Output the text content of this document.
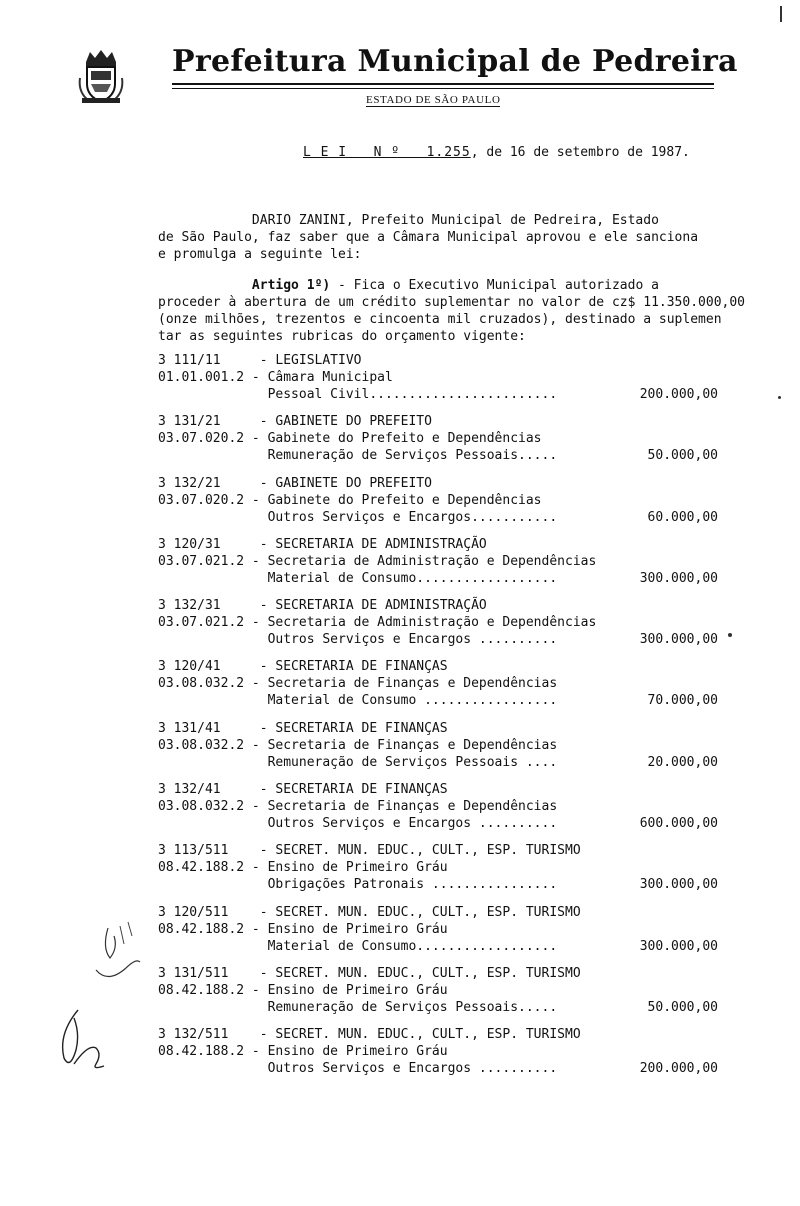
Prefeitura Municipal de Pedreira
ESTADO DE SÃO PAULO
L E I   N º   1.255, de 16 de setembro de 1987.
DARIO ZANINI, Prefeito Municipal de Pedreira, Estado
de São Paulo, faz saber que a Câmara Municipal aprovou e ele sanciona
e promulga a seguinte lei:
Artigo 1º) - Fica o Executivo Municipal autorizado a
proceder à abertura de um crédito suplementar no valor de cz$ 11.350.000,00
(onze milhões, trezentos e cincoenta mil cruzados), destinado a suplemen
tar as seguintes rubricas do orçamento vigente:
3 111/11     - LEGISLATIVO
01.01.001.2 - Câmara Municipal
Pessoal Civil........................	200.000,00
3 131/21     - GABINETE DO PREFEITO
03.07.020.2 - Gabinete do Prefeito e Dependências
Remuneração de Serviços Pessoais.....	50.000,00
3 132/21     - GABINETE DO PREFEITO
03.07.020.2 - Gabinete do Prefeito e Dependências
Outros Serviços e Encargos...........	60.000,00
3 120/31     - SECRETARIA DE ADMINISTRAÇÃO
03.07.021.2 - Secretaria de Administração e Dependências
Material de Consumo..................	300.000,00
3 132/31     - SECRETARIA DE ADMINISTRAÇÃO
03.07.021.2 - Secretaria de Administração e Dependências
Outros Serviços e Encargos ..........	300.000,00
3 120/41     - SECRETARIA DE FINANÇAS
03.08.032.2 - Secretaria de Finanças e Dependências
Material de Consumo .................	70.000,00
3 131/41     - SECRETARIA DE FINANÇAS
03.08.032.2 - Secretaria de Finanças e Dependências
Remuneração de Serviços Pessoais ....	20.000,00
3 132/41     - SECRETARIA DE FINANÇAS
03.08.032.2 - Secretaria de Finanças e Dependências
Outros Serviços e Encargos ..........	600.000,00
3 113/511    - SECRET. MUN. EDUC., CULT., ESP. TURISMO
08.42.188.2 - Ensino de Primeiro Gráu
Obrigações Patronais ................	300.000,00
3 120/511    - SECRET. MUN. EDUC., CULT., ESP. TURISMO
08.42.188.2 - Ensino de Primeiro Gráu
Material de Consumo..................	300.000,00
3 131/511    - SECRET. MUN. EDUC., CULT., ESP. TURISMO
08.42.188.2 - Ensino de Primeiro Gráu
Remuneração de Serviços Pessoais.....	50.000,00
3 132/511    - SECRET. MUN. EDUC., CULT., ESP. TURISMO
08.42.188.2 - Ensino de Primeiro Gráu
Outros Serviços e Encargos ..........	200.000,00
